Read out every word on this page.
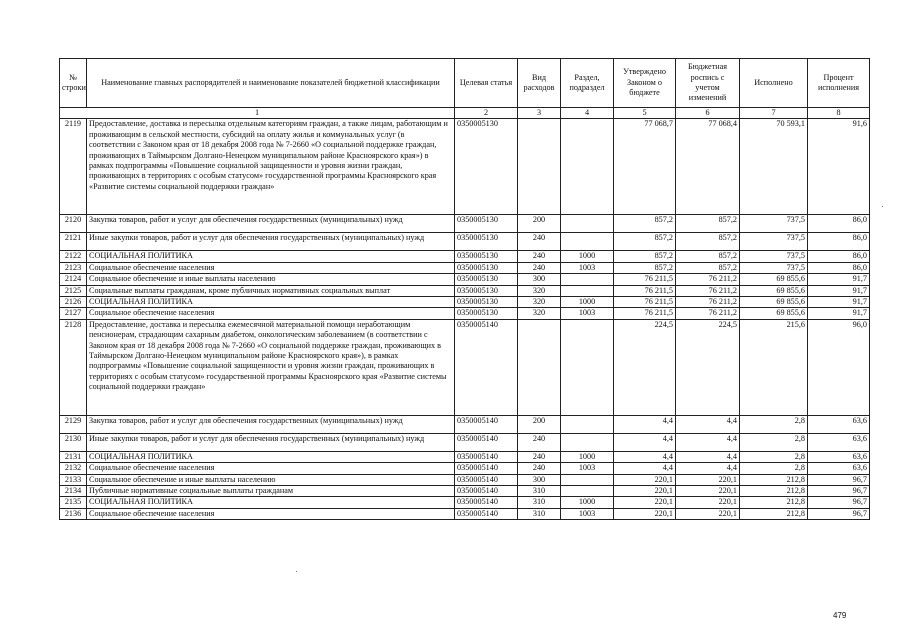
№ строки	Наименование главных распорядителей и наименование показателей бюджетной классификации	Целевая статья	Вид расходов	Раздел, подраздел	Утверждено Законом о бюджете	Бюджетная роспись с учетом изменений	Исполнено	Процент исполнения
1		2	3	4	5	6	7	8
2119	Предоставление, доставка и пересылка отдельным категориям граждан, а также лицам, работающим и проживающим в сельской местности, субсидий на оплату жилья и коммунальных услуг (в соответствии с Законом края от 18 декабря 2008 года № 7-2660 «О социальной поддержке граждан, проживающих в Таймырском Долгано-Ненецком муниципальном районе Красноярского края») в рамках подпрограммы «Повышение социальной защищенности и уровня жизни граждан, проживающих в территориях с особым статусом» государственной программы Красноярского края «Развитие системы социальной поддержки граждан»	0350005130			77 068,7	77 068,4	70 593,1	91,6
2120	Закупка товаров, работ и услуг для обеспечения государственных (муниципальных) нужд	0350005130	200		857,2	857,2	737,5	86,0
2121	Иные закупки товаров, работ и услуг для обеспечения государственных (муниципальных) нужд	0350005130	240		857,2	857,2	737,5	86,0
2122	СОЦИАЛЬНАЯ ПОЛИТИКА	0350005130	240	1000	857,2	857,2	737,5	86,0
2123	Социальное обеспечение населения	0350005130	240	1003	857,2	857,2	737,5	86,0
2124	Социальное обеспечение и иные выплаты населению	0350005130	300		76 211,5	76 211,2	69 855,6	91,7
2125	Социальные выплаты гражданам, кроме публичных нормативных социальных выплат	0350005130	320		76 211,5	76 211,2	69 855,6	91,7
2126	СОЦИАЛЬНАЯ ПОЛИТИКА	0350005130	320	1000	76 211,5	76 211,2	69 855,6	91,7
2127	Социальное обеспечение населения	0350005130	320	1003	76 211,5	76 211,2	69 855,6	91,7
2128	Предоставление, доставка и пересылка ежемесячной материальной помощи неработающим пенсионерам, страдающим сахарным диабетом, онкологическим заболеванием (в соответствии с Законом края от 18 декабря 2008 года № 7-2660 «О социальной поддержке граждан, проживающих в Таймырском Долгано-Ненецком муниципальном районе Красноярского края»), в рамках подпрограммы «Повышение социальной защищенности и уровня жизни граждан, проживающих в территориях с особым статусом» государственной программы Красноярского края «Развитие системы социальной поддержки граждан»	0350005140			224,5	224,5	215,6	96,0
2129	Закупка товаров, работ и услуг для обеспечения государственных (муниципальных) нужд	0350005140	200		4,4	4,4	2,8	63,6
2130	Иные закупки товаров, работ и услуг для обеспечения государственных (муниципальных) нужд	0350005140	240		4,4	4,4	2,8	63,6
2131	СОЦИАЛЬНАЯ ПОЛИТИКА	0350005140	240	1000	4,4	4,4	2,8	63,6
2132	Социальное обеспечение населения	0350005140	240	1003	4,4	4,4	2,8	63,6
2133	Социальное обеспечение и иные выплаты населению	0350005140	300		220,1	220,1	212,8	96,7
2134	Публичные нормативные социальные выплаты гражданам	0350005140	310		220,1	220,1	212,8	96,7
2135	СОЦИАЛЬНАЯ ПОЛИТИКА	0350005140	310	1000	220,1	220,1	212,8	96,7
2136	Социальное обеспечение населения	0350005140	310	1003	220,1	220,1	212,8	96,7
479
